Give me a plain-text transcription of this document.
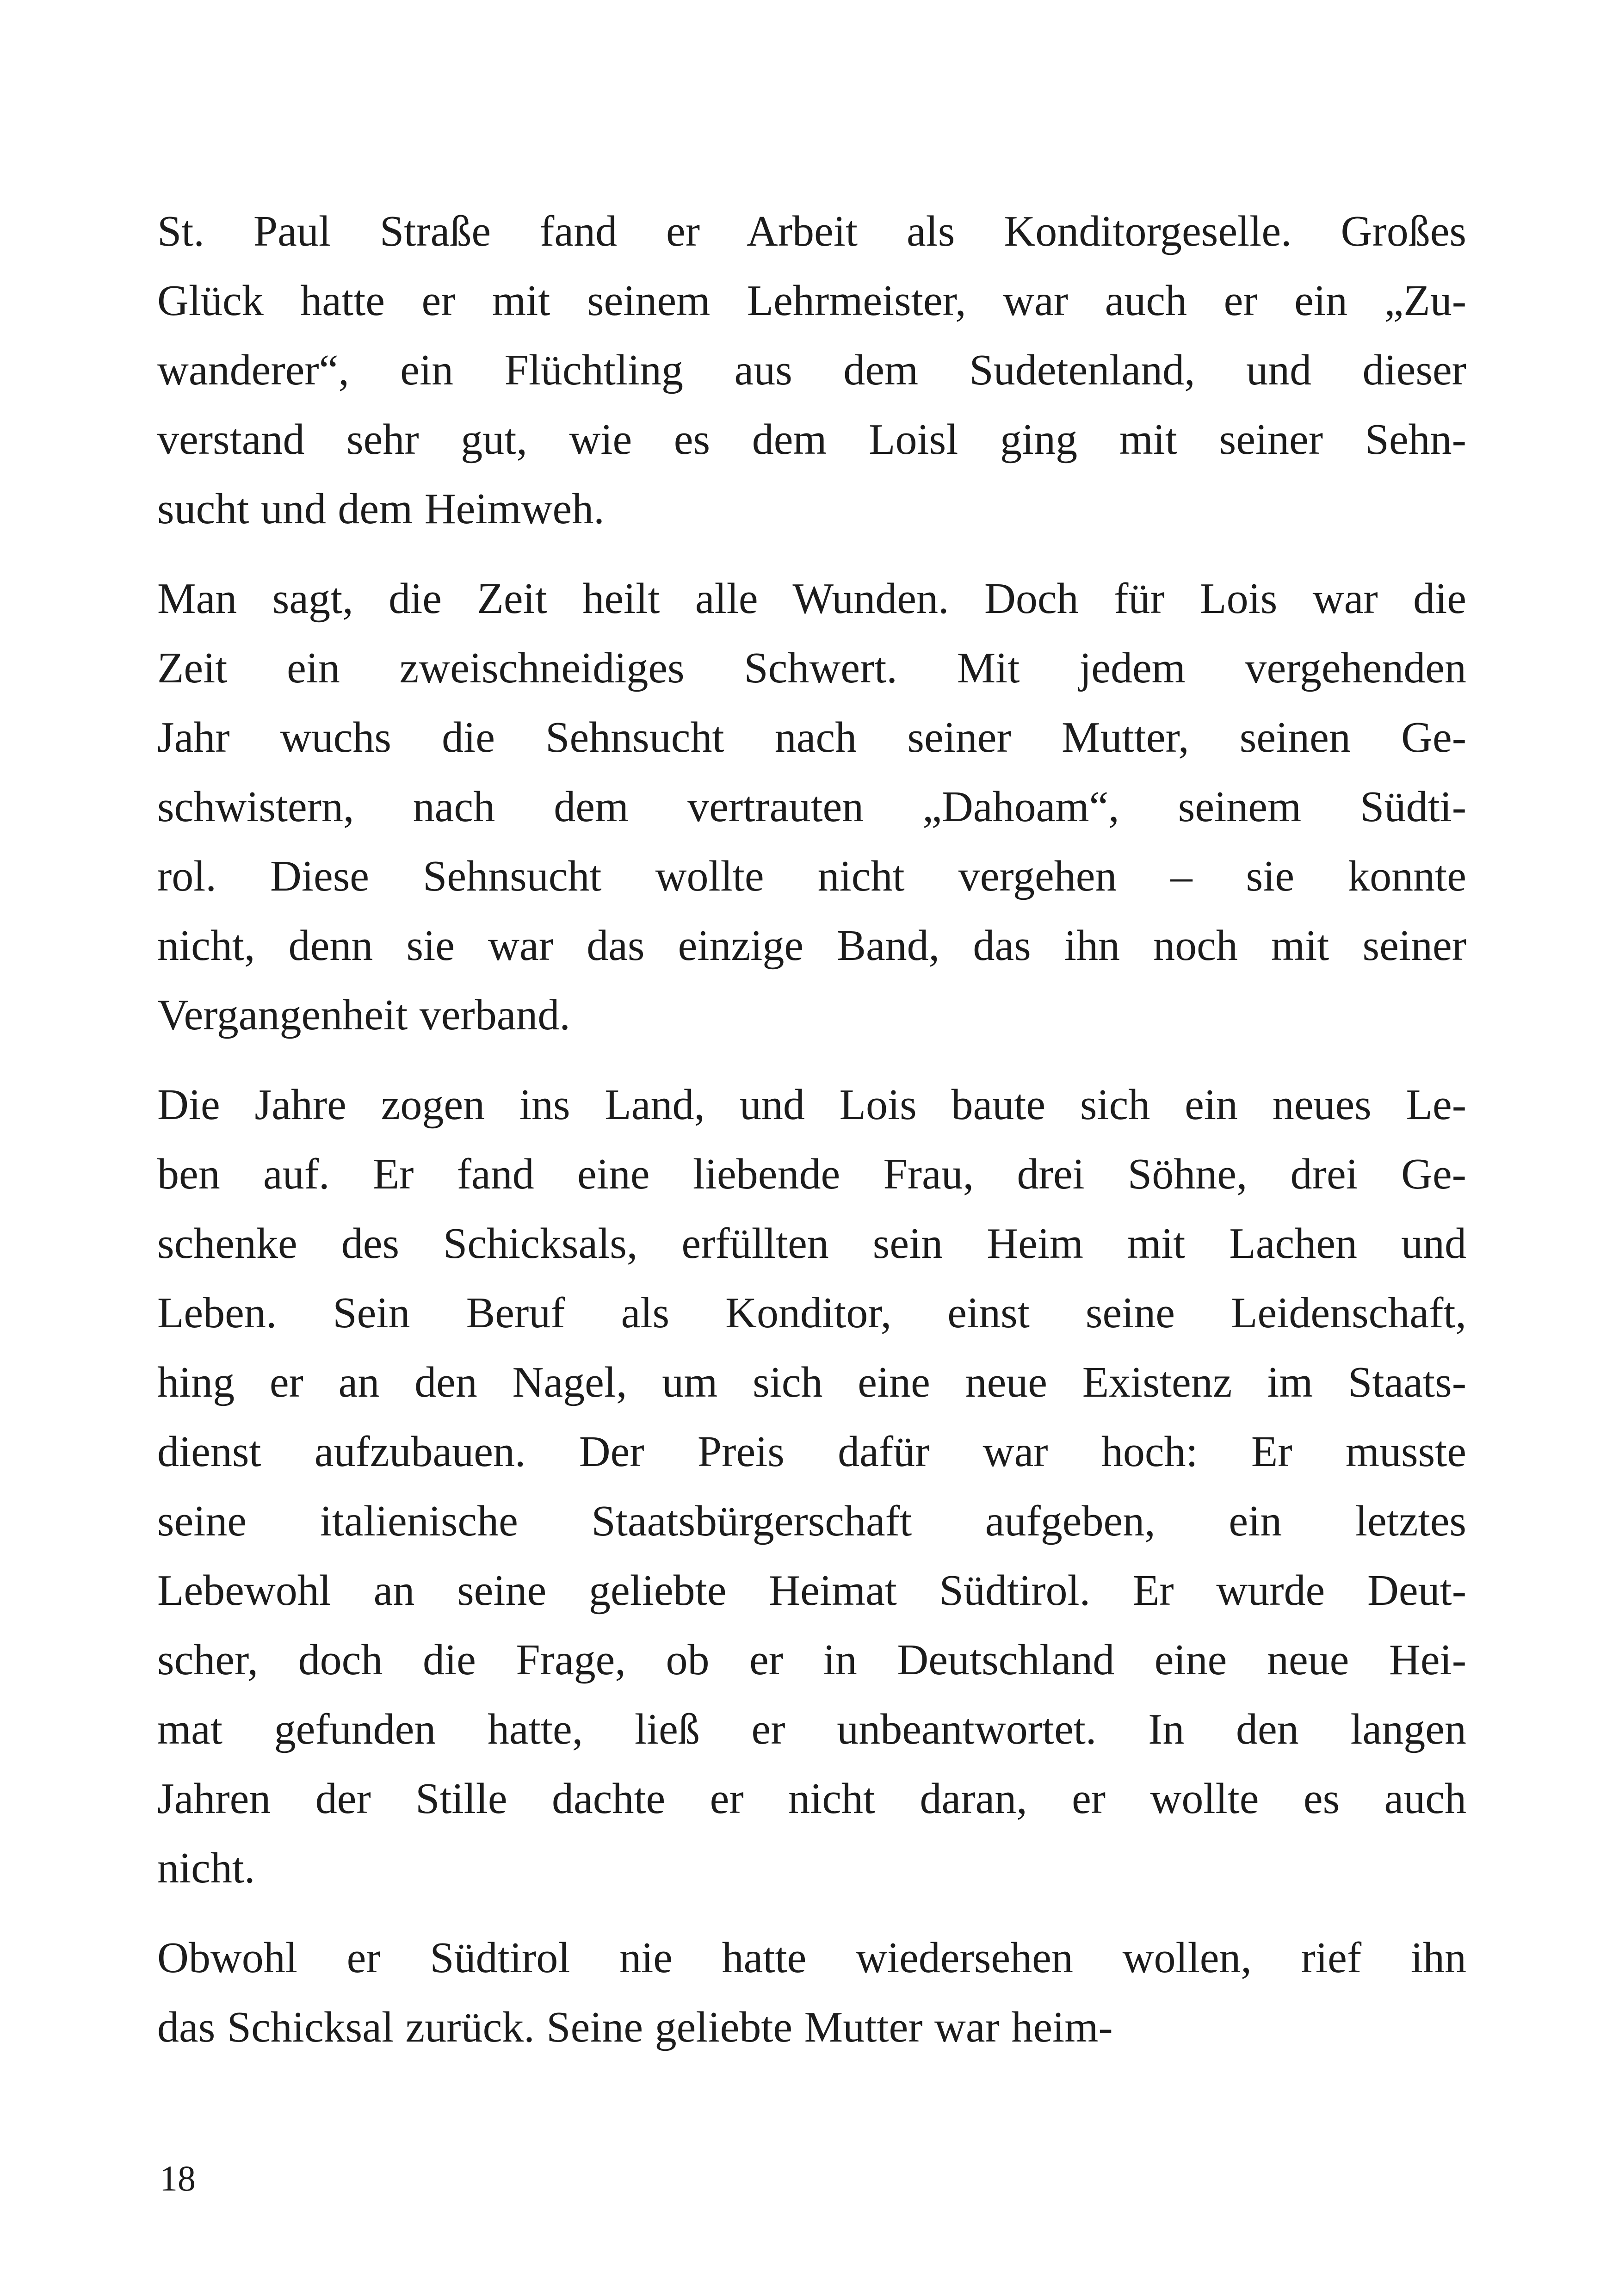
St. Paul Straße fand er Arbeit als Konditorgeselle. Großes
Glück hatte er mit seinem Lehrmeister, war auch er ein „Zu-
wanderer“, ein Flüchtling aus dem Sudetenland, und dieser
verstand sehr gut, wie es dem Loisl ging mit seiner Sehn-
sucht und dem Heimweh.
Man sagt, die Zeit heilt alle Wunden. Doch für Lois war die
Zeit ein zweischneidiges Schwert. Mit jedem vergehenden
Jahr wuchs die Sehnsucht nach seiner Mutter, seinen Ge-
schwistern, nach dem vertrauten „Dahoam“, seinem Südti-
rol. Diese Sehnsucht wollte nicht vergehen – sie konnte
nicht, denn sie war das einzige Band, das ihn noch mit seiner
Vergangenheit verband.
Die Jahre zogen ins Land, und Lois baute sich ein neues Le-
ben auf. Er fand eine liebende Frau, drei Söhne, drei Ge-
schenke des Schicksals, erfüllten sein Heim mit Lachen und
Leben. Sein Beruf als Konditor, einst seine Leidenschaft,
hing er an den Nagel, um sich eine neue Existenz im Staats-
dienst aufzubauen. Der Preis dafür war hoch: Er musste
seine italienische Staatsbürgerschaft aufgeben, ein letztes
Lebewohl an seine geliebte Heimat Südtirol. Er wurde Deut-
scher, doch die Frage, ob er in Deutschland eine neue Hei-
mat gefunden hatte, ließ er unbeantwortet. In den langen
Jahren der Stille dachte er nicht daran, er wollte es auch
nicht.
Obwohl er Südtirol nie hatte wiedersehen wollen, rief ihn
das Schicksal zurück. Seine geliebte Mutter war heim-
18
